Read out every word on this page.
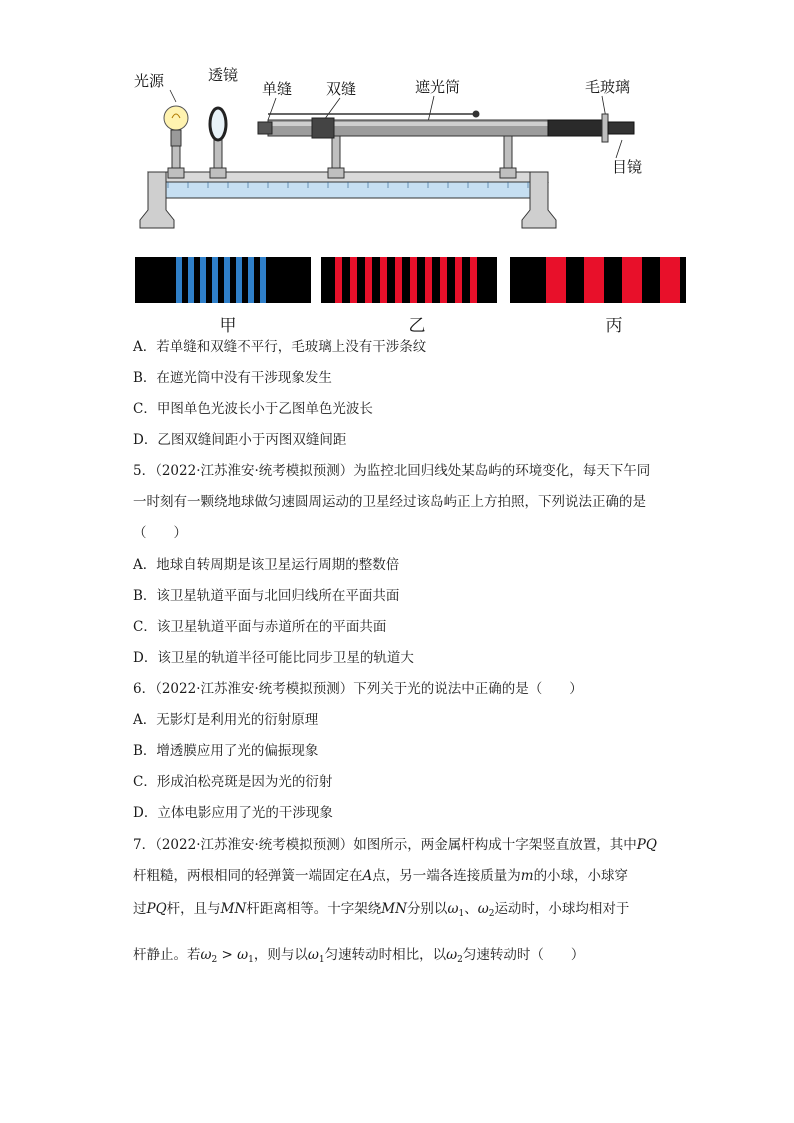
光源	透镜
单缝 双缝	遮光筒	毛玻璃
目镜
甲	乙	丙
A．若单缝和双缝不平行，毛玻璃上没有干涉条纹
B．在遮光筒中没有干涉现象发生
C．甲图单色光波长小于乙图单色光波长
D．乙图双缝间距小于丙图双缝间距
5．（2022·江苏淮安·统考模拟预测）为监控北回归线处某岛屿的环境变化，每天下午同
一时刻有一颗绕地球做匀速圆周运动的卫星经过该岛屿正上方拍照，下列说法正确的是
（　　）
A．地球自转周期是该卫星运行周期的整数倍
B．该卫星轨道平面与北回归线所在平面共面
C．该卫星轨道平面与赤道所在的平面共面
D．该卫星的轨道半径可能比同步卫星的轨道大
6．（2022·江苏淮安·统考模拟预测）下列关于光的说法中正确的是（　　）
A．无影灯是利用光的衍射原理
B．增透膜应用了光的偏振现象
C．形成泊松亮斑是因为光的衍射
D．立体电影应用了光的干涉现象
7．（2022·江苏淮安·统考模拟预测）如图所示，两金属杆构成十字架竖直放置，其中PQ
杆粗糙，两根相同的轻弹簧一端固定在A点，另一端各连接质量为m的小球，小球穿
过PQ杆，且与MN杆距离相等。十字架绕MN分别以$\omega_1$、$\omega_2$运动时，小球均相对于
杆静止。若$\omega_2 > \omega_1$，则与以$\omega_1$匀速转动时相比，以$\omega_2$匀速转动时（　　）
